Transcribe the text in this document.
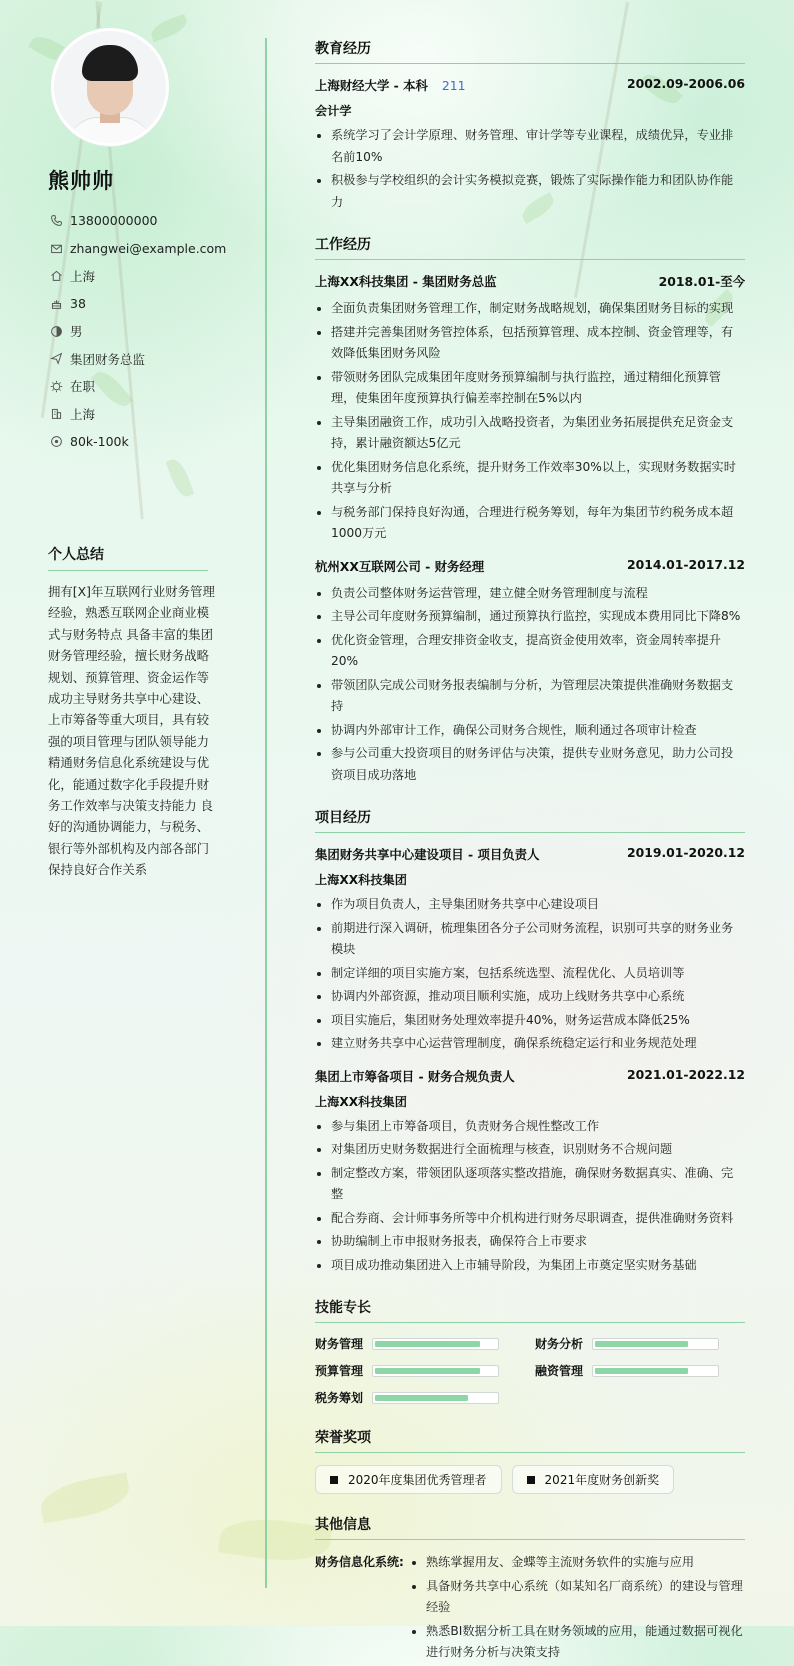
熊帅帅
13800000000
zhangwei@example.com
上海
38
男
集团财务总监
在职
上海
80k-100k
个人总结
拥有[X]年互联网行业财务管理经验，熟悉互联网企业商业模式与财务特点 具备丰富的集团财务管理经验，擅长财务战略规划、预算管理、资金运作等 成功主导财务共享中心建设、上市筹备等重大项目，具有较强的项目管理与团队领导能力 精通财务信息化系统建设与优化，能通过数字化手段提升财务工作效率与决策支持能力 良好的沟通协调能力，与税务、银行等外部机构及内部各部门保持良好合作关系
教育经历
上海财经大学 - 本科 211	2002.09-2006.06
会计学
系统学习了会计学原理、财务管理、审计学等专业课程，成绩优异，专业排名前10%
积极参与学校组织的会计实务模拟竞赛，锻炼了实际操作能力和团队协作能力
工作经历
上海XX科技集团 - 集团财务总监	2018.01-至今
全面负责集团财务管理工作，制定财务战略规划，确保集团财务目标的实现
搭建并完善集团财务管控体系，包括预算管理、成本控制、资金管理等，有效降低集团财务风险
带领财务团队完成集团年度财务预算编制与执行监控，通过精细化预算管理，使集团年度预算执行偏差率控制在5%以内
主导集团融资工作，成功引入战略投资者，为集团业务拓展提供充足资金支持，累计融资额达5亿元
优化集团财务信息化系统，提升财务工作效率30%以上，实现财务数据实时共享与分析
与税务部门保持良好沟通，合理进行税务筹划，每年为集团节约税务成本超1000万元
杭州XX互联网公司 - 财务经理	2014.01-2017.12
负责公司整体财务运营管理，建立健全财务管理制度与流程
主导公司年度财务预算编制，通过预算执行监控，实现成本费用同比下降8%
优化资金管理，合理安排资金收支，提高资金使用效率，资金周转率提升20%
带领团队完成公司财务报表编制与分析，为管理层决策提供准确财务数据支持
协调内外部审计工作，确保公司财务合规性，顺利通过各项审计检查
参与公司重大投资项目的财务评估与决策，提供专业财务意见，助力公司投资项目成功落地
项目经历
集团财务共享中心建设项目 - 项目负责人	2019.01-2020.12
上海XX科技集团
作为项目负责人，主导集团财务共享中心建设项目
前期进行深入调研，梳理集团各分子公司财务流程，识别可共享的财务业务模块
制定详细的项目实施方案，包括系统选型、流程优化、人员培训等
协调内外部资源，推动项目顺利实施，成功上线财务共享中心系统
项目实施后，集团财务处理效率提升40%，财务运营成本降低25%
建立财务共享中心运营管理制度，确保系统稳定运行和业务规范处理
集团上市筹备项目 - 财务合规负责人	2021.01-2022.12
上海XX科技集团
参与集团上市筹备项目，负责财务合规性整改工作
对集团历史财务数据进行全面梳理与核查，识别财务不合规问题
制定整改方案，带领团队逐项落实整改措施，确保财务数据真实、准确、完整
配合券商、会计师事务所等中介机构进行财务尽职调查，提供准确财务资料
协助编制上市申报财务报表，确保符合上市要求
项目成功推动集团进入上市辅导阶段，为集团上市奠定坚实财务基础
技能专长
财务管理	财务分析
预算管理	融资管理
税务筹划
荣誉奖项
2020年度集团优秀管理者	2021年度财务创新奖
其他信息
财务信息化系统:	熟练掌握用友、金蝶等主流财务软件的实施与应用
具备财务共享中心系统（如某知名厂商系统）的建设与管理经验
熟悉BI数据分析工具在财务领域的应用，能通过数据可视化进行财务分析与决策支持
